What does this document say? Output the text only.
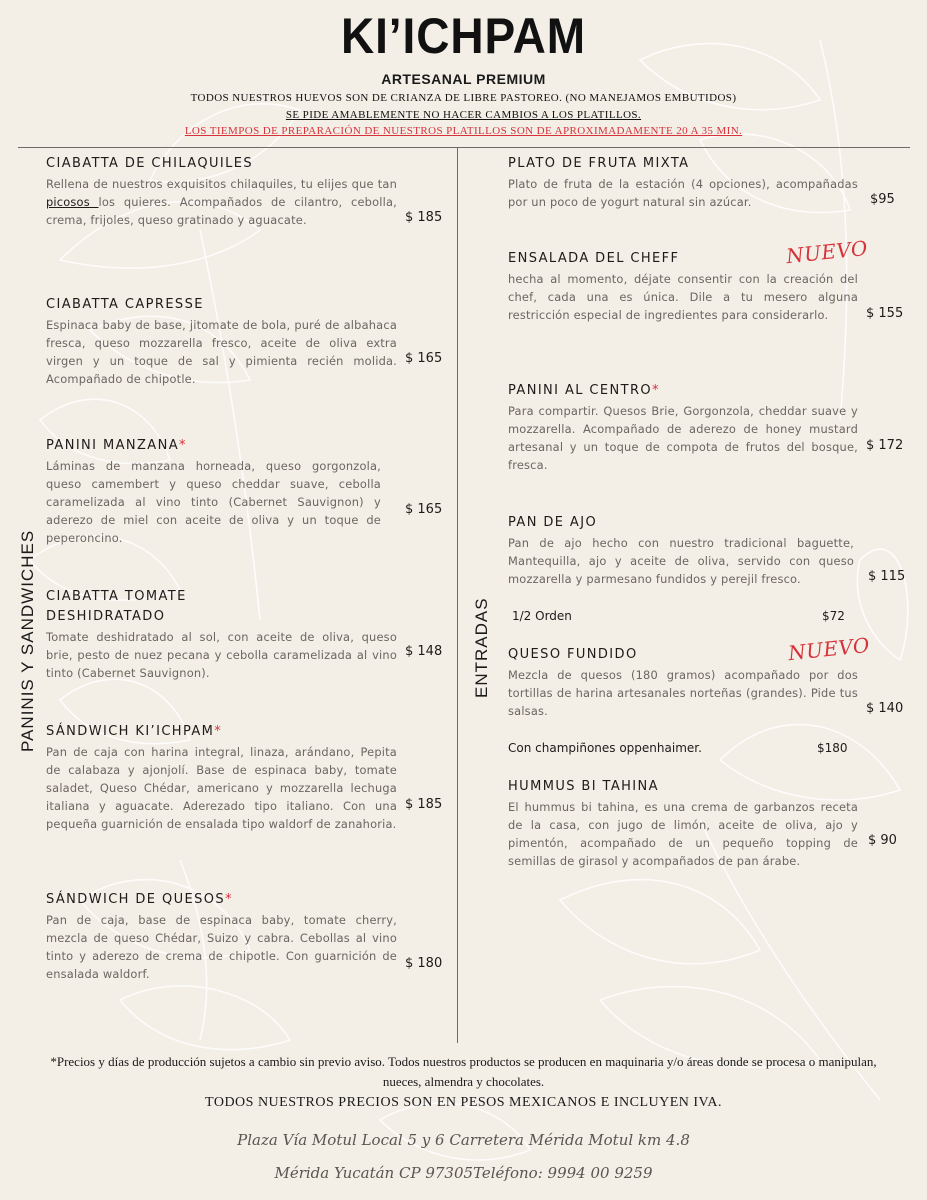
KI’ICHPAM
ARTESANAL PREMIUM
TODOS NUESTROS HUEVOS SON DE CRIANZA DE LIBRE PASTOREO. (NO MANEJAMOS EMBUTIDOS)
SE PIDE AMABLEMENTE NO HACER CAMBIOS A LOS PLATILLOS.
LOS TIEMPOS DE PREPARACIÓN DE NUESTROS PLATILLOS SON DE APROXIMADAMENTE 20 A 35 MIN.
PANINIS Y SANDWICHES	ENTRADAS
CIABATTA DE CHILAQUILES
Rellena de nuestros exquisitos chilaquiles, tu elijes que tan picosos los quieres. Acompañados de cilantro, cebolla, crema, frijoles, queso gratinado y aguacate.	$ 185
CIABATTA CAPRESSE
Espinaca baby de base, jitomate de bola, puré de albahaca fresca, queso mozzarella fresco, aceite de oliva extra virgen y un toque de sal y pimienta recién molida. Acompañado de chipotle.
$ 165
PANINI MANZANA*
Láminas de manzana horneada, queso gorgonzola, queso camembert y queso cheddar suave, cebolla caramelizada al vino tinto (Cabernet Sauvignon) y aderezo de miel con aceite de oliva y un toque de peperoncino.
$ 165
CIABATTA TOMATE
DESHIDRATADO
Tomate deshidratado al sol, con aceite de oliva, queso brie, pesto de nuez pecana y cebolla caramelizada al vino tinto (Cabernet Sauvignon).
$ 148
SÁNDWICH KI’ICHPAM*
Pan de caja con harina integral, linaza, arándano, Pepita de calabaza y ajonjolí. Base de espinaca baby, tomate saladet, Queso Chédar, americano y mozzarella lechuga italiana y aguacate. Aderezado tipo italiano. Con una pequeña guarnición de ensalada tipo waldorf de zanahoria.
$ 185
SÁNDWICH DE QUESOS*
Pan de caja, base de espinaca baby, tomate cherry, mezcla de queso Chédar, Suizo y cabra. Cebollas al vino tinto y aderezo de crema de chipotle. Con guarnición de ensalada waldorf.
$ 180
PLATO DE FRUTA MIXTA
Plato de fruta de la estación (4 opciones), acompañadas por un poco de yogurt natural sin azúcar.	$95
ENSALADA DEL CHEFF
hecha al momento, déjate consentir con la creación del chef, cada una es única. Dile a tu mesero alguna restricción especial de ingredientes para considerarlo.
NUEVO
$ 155
PANINI AL CENTRO*
Para compartir. Quesos Brie, Gorgonzola, cheddar suave y mozzarella. Acompañado de aderezo de honey mustard artesanal y un toque de compota de frutos del bosque, fresca.
$ 172
PAN DE AJO
Pan de ajo hecho con nuestro tradicional baguette, Mantequilla, ajo y aceite de oliva, servido con queso mozzarella y parmesano fundidos y perejil fresco.	$ 115
1/2 Orden	$72
QUESO FUNDIDO
Mezcla de quesos (180 gramos) acompañado por dos tortillas de harina artesanales norteñas (grandes). Pide tus salsas.
NUEVO
$ 140
Con champiñones oppenhaimer.	$180
HUMMUS BI TAHINA
El hummus bi tahina, es una crema de garbanzos receta de la casa, con jugo de limón, aceite de oliva, ajo y pimentón, acompañado de un pequeño topping de semillas de girasol y acompañados de pan árabe.
$ 90
*Precios y días de producción sujetos a cambio sin previo aviso. Todos nuestros productos se producen en maquinaria y/o áreas donde se procesa o manipulan, nueces, almendra y chocolates.
TODOS NUESTROS PRECIOS SON EN PESOS MEXICANOS E INCLUYEN IVA.
Plaza Vía Motul Local 5 y 6 Carretera Mérida Motul km 4.8
Mérida Yucatán CP 97305Teléfono: 9994 00 9259
